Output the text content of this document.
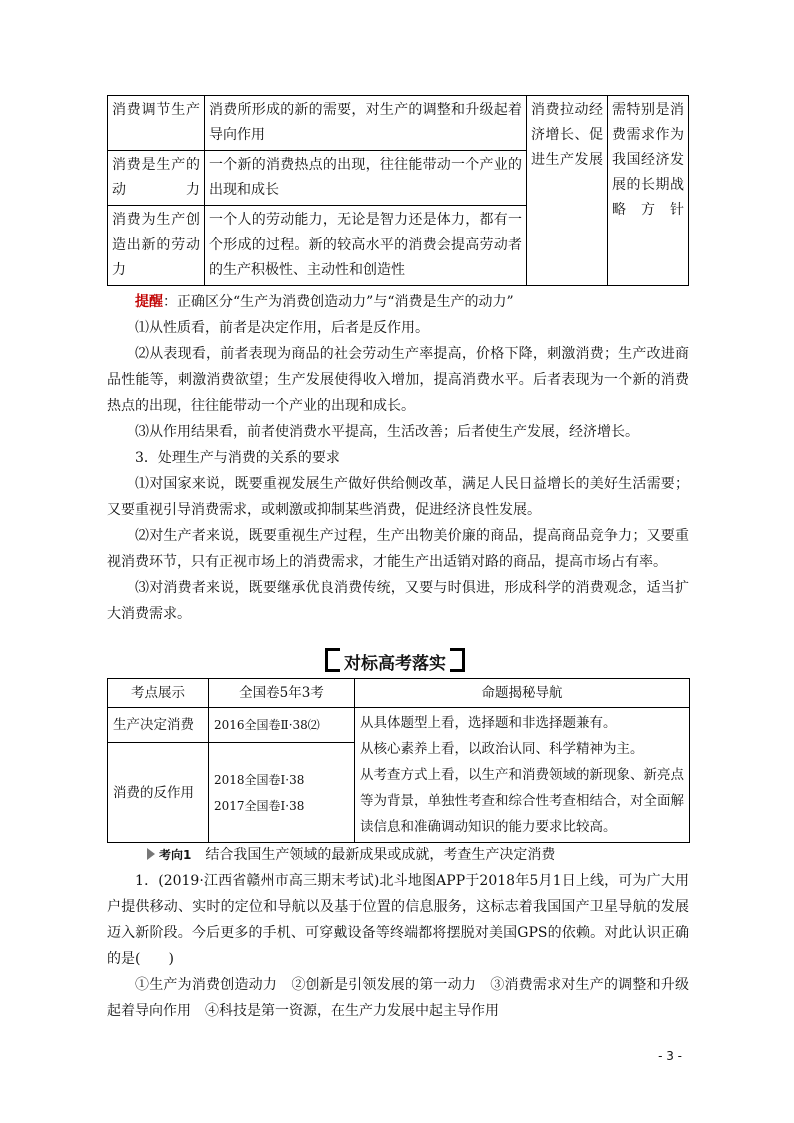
消费调节生产	消费所形成的新的需要，对生产的调整和升级起着导向作用	消费拉动经济增长、促进生产发展	需特别是消费需求作为我国经济发展的长期战略方针
消费是生产的动力	一个新的消费热点的出现，往往能带动一个产业的出现和成长		
消费为生产创造出新的劳动力	一个人的劳动能力，无论是智力还是体力，都有一个形成的过程。新的较高水平的消费会提高劳动者的生产积极性、主动性和创造性		

提醒：正确区分“生产为消费创造动力”与“消费是生产的动力”

⑴从性质看，前者是决定作用，后者是反作用。

⑵从表现看，前者表现为商品的社会劳动生产率提高，价格下降，刺激消费；生产改进商品性能等，刺激消费欲望；生产发展使得收入增加，提高消费水平。后者表现为一个新的消费热点的出现，往往能带动一个产业的出现和成长。

⑶从作用结果看，前者使消费水平提高，生活改善；后者使生产发展，经济增长。

3．处理生产与消费的关系的要求

⑴对国家来说，既要重视发展生产做好供给侧改革，满足人民日益增长的美好生活需要；又要重视引导消费需求，或刺激或抑制某些消费，促进经济良性发展。

⑵对生产者来说，既要重视生产过程，生产出物美价廉的商品，提高商品竞争力；又要重视消费环节，只有正视市场上的消费需求，才能生产出适销对路的商品，提高市场占有率。

⑶对消费者来说，既要继承优良消费传统，又要与时俱进，形成科学的消费观念，适当扩大消费需求。

对标高考落实
考点展示	全国卷5年3考	命题揭秘导航
生产决定消费	2016全国卷Ⅱ·38⑵	从具体题型上看，选择题和非选择题兼有。
从核心素养上看，以政治认同、科学精神为主。
从考查方式上看，以生产和消费领域的新现象、新亮点等为背景，单独性考查和综合性考查相结合，对全面解读信息和准确调动知识的能力要求比较高。

消费的反作用	2018全国卷Ⅰ·38
2017全国卷Ⅰ·38	

考向1　 结合我国生产领域的最新成果或成就，考查生产决定消费

1．(2019·江西省赣州市高三期末考试)北斗地图APP于2018年5月1日上线，可为广大用户提供移动、实时的定位和导航以及基于位置的信息服务，这标志着我国国产卫星导航的发展迈入新阶段。今后更多的手机、可穿戴设备等终端都将摆脱对美国GPS的依赖。对此认识正确的是(　　)

①生产为消费创造动力　②创新是引领发展的第一动力　③消费需求对生产的调整和升级起着导向作用　④科技是第一资源，在生产力发展中起主导作用

- 3 -
